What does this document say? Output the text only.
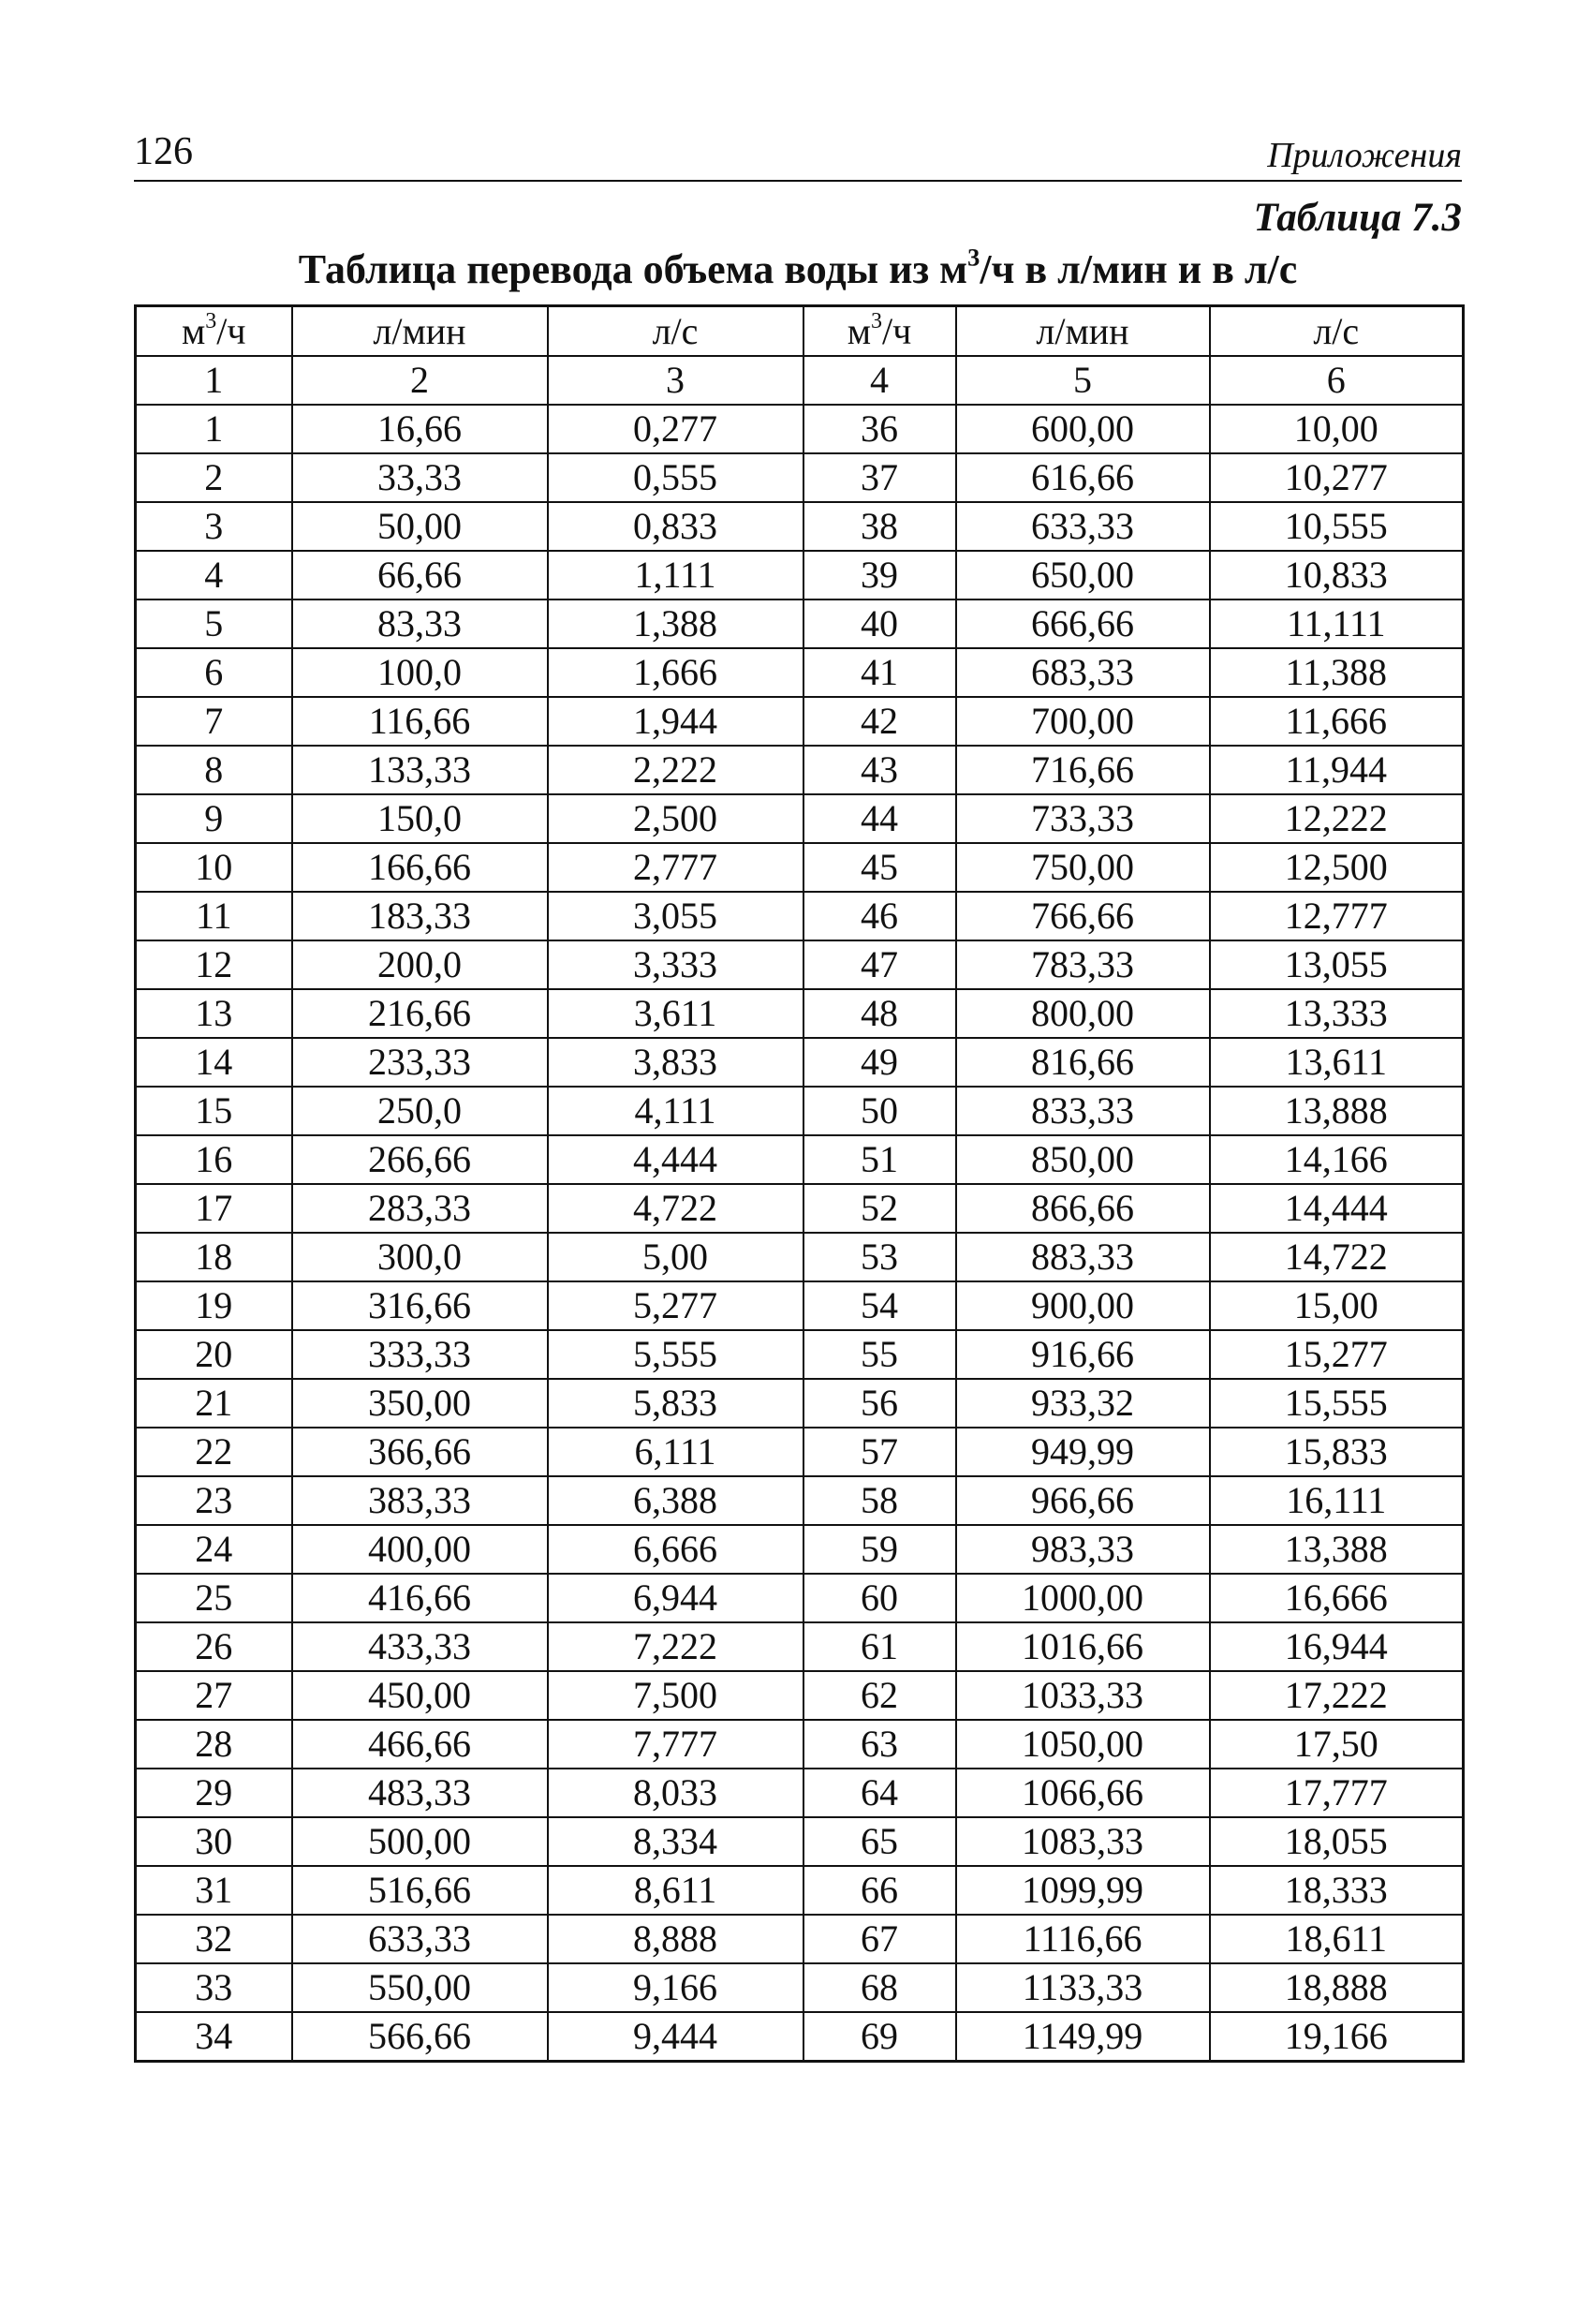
126	Приложения
Таблица 7.3
Таблица перевода объема воды из $м^3/ч$ в л/мин и в л/с
$м^3/ч$	л/мин	л/с	$м^3/ч$	л/мин	л/с
1	2	3	4	5	6
1	16,66	0,277	36	600,00	10,00
2	33,33	0,555	37	616,66	10,277
3	50,00	0,833	38	633,33	10,555
4	66,66	1,111	39	650,00	10,833
5	83,33	1,388	40	666,66	11,111
6	100,0	1,666	41	683,33	11,388
7	116,66	1,944	42	700,00	11,666
8	133,33	2,222	43	716,66	11,944
9	150,0	2,500	44	733,33	12,222
10	166,66	2,777	45	750,00	12,500
11	183,33	3,055	46	766,66	12,777
12	200,0	3,333	47	783,33	13,055
13	216,66	3,611	48	800,00	13,333
14	233,33	3,833	49	816,66	13,611
15	250,0	4,111	50	833,33	13,888
16	266,66	4,444	51	850,00	14,166
17	283,33	4,722	52	866,66	14,444
18	300,0	5,00	53	883,33	14,722
19	316,66	5,277	54	900,00	15,00
20	333,33	5,555	55	916,66	15,277
21	350,00	5,833	56	933,32	15,555
22	366,66	6,111	57	949,99	15,833
23	383,33	6,388	58	966,66	16,111
24	400,00	6,666	59	983,33	13,388
25	416,66	6,944	60	1000,00	16,666
26	433,33	7,222	61	1016,66	16,944
27	450,00	7,500	62	1033,33	17,222
28	466,66	7,777	63	1050,00	17,50
29	483,33	8,033	64	1066,66	17,777
30	500,00	8,334	65	1083,33	18,055
31	516,66	8,611	66	1099,99	18,333
32	633,33	8,888	67	1116,66	18,611
33	550,00	9,166	68	1133,33	18,888
34	566,66	9,444	69	1149,99	19,166
